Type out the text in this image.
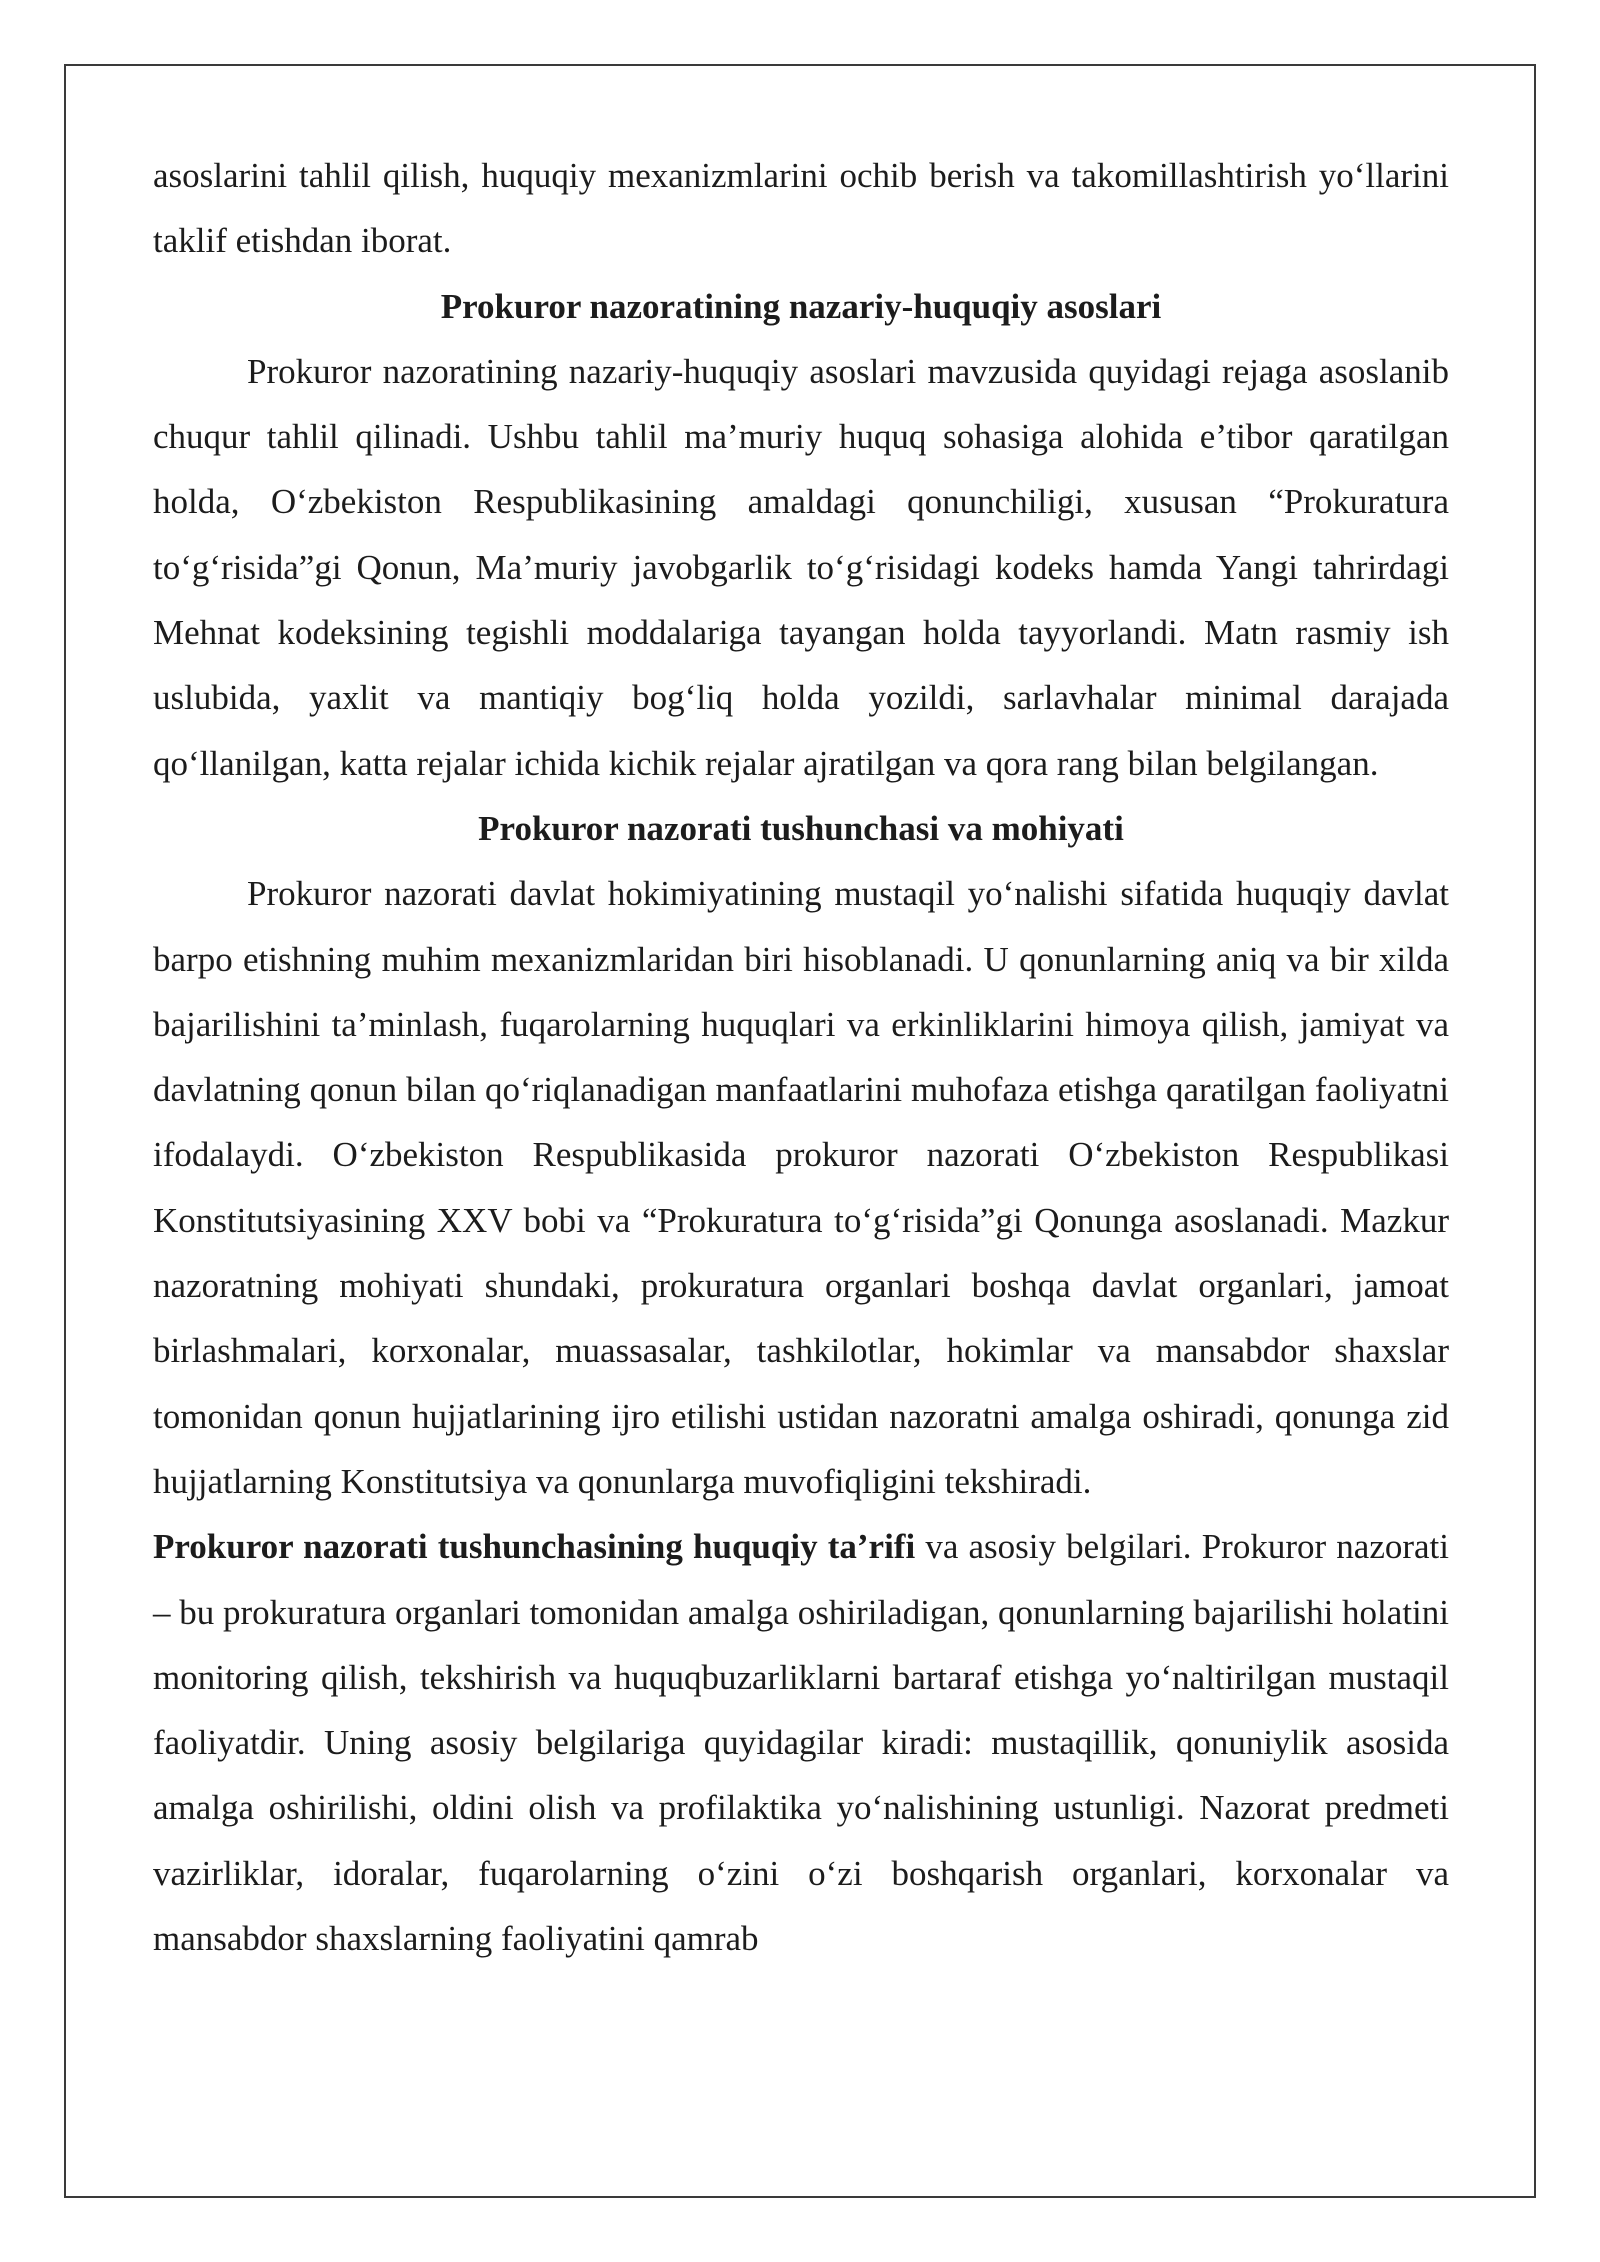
asoslarini tahlil qilish, huquqiy mexanizmlarini ochib berish va takomillashtirish yo‘llarini taklif etishdan iborat.

Prokuror nazoratining nazariy-huquqiy asoslari

Prokuror nazoratining nazariy-huquqiy asoslari mavzusida quyidagi rejaga asoslanib chuqur tahlil qilinadi. Ushbu tahlil ma’muriy huquq sohasiga alohida e’tibor qaratilgan holda, O‘zbekiston Respublikasining amaldagi qonunchiligi, xususan “Prokuratura to‘g‘risida”gi Qonun, Ma’muriy javobgarlik to‘g‘risidagi kodeks hamda Yangi tahrirdagi Mehnat kodeksining tegishli moddalariga tayangan holda tayyorlandi. Matn rasmiy ish uslubida, yaxlit va mantiqiy bog‘liq holda yozildi, sarlavhalar minimal darajada qo‘llanilgan, katta rejalar ichida kichik rejalar ajratilgan va qora rang bilan belgilangan.

Prokuror nazorati tushunchasi va mohiyati

Prokuror nazorati davlat hokimiyatining mustaqil yo‘nalishi sifatida huquqiy davlat barpo etishning muhim mexanizmlaridan biri hisoblanadi. U qonunlarning aniq va bir xilda bajarilishini ta’minlash, fuqarolarning huquqlari va erkinliklarini himoya qilish, jamiyat va davlatning qonun bilan qo‘riqlanadigan manfaatlarini muhofaza etishga qaratilgan faoliyatni ifodalaydi. O‘zbekiston Respublikasida prokuror nazorati O‘zbekiston Respublikasi Konstitutsiyasining XXV bobi va “Prokuratura to‘g‘risida”gi Qonunga asoslanadi. Mazkur nazoratning mohiyati shundaki, prokuratura organlari boshqa davlat organlari, jamoat birlashmalari, korxonalar, muassasalar, tashkilotlar, hokimlar va mansabdor shaxslar tomonidan qonun hujjatlarining ijro etilishi ustidan nazoratni amalga oshiradi, qonunga zid hujjatlarning Konstitutsiya va qonunlarga muvofiqligini tekshiradi.

Prokuror nazorati tushunchasining huquqiy ta’rifi va asosiy belgilari. Prokuror nazorati – bu prokuratura organlari tomonidan amalga oshiriladigan, qonunlarning bajarilishi holatini monitoring qilish, tekshirish va huquqbuzarliklarni bartaraf etishga yo‘naltirilgan mustaqil faoliyatdir. Uning asosiy belgilariga quyidagilar kiradi: mustaqillik, qonuniylik asosida amalga oshirilishi, oldini olish va profilaktika yo‘nalishining ustunligi. Nazorat predmeti vazirliklar, idoralar, fuqarolarning o‘zini o‘zi boshqarish organlari, korxonalar va mansabdor shaxslarning faoliyatini qamrab
